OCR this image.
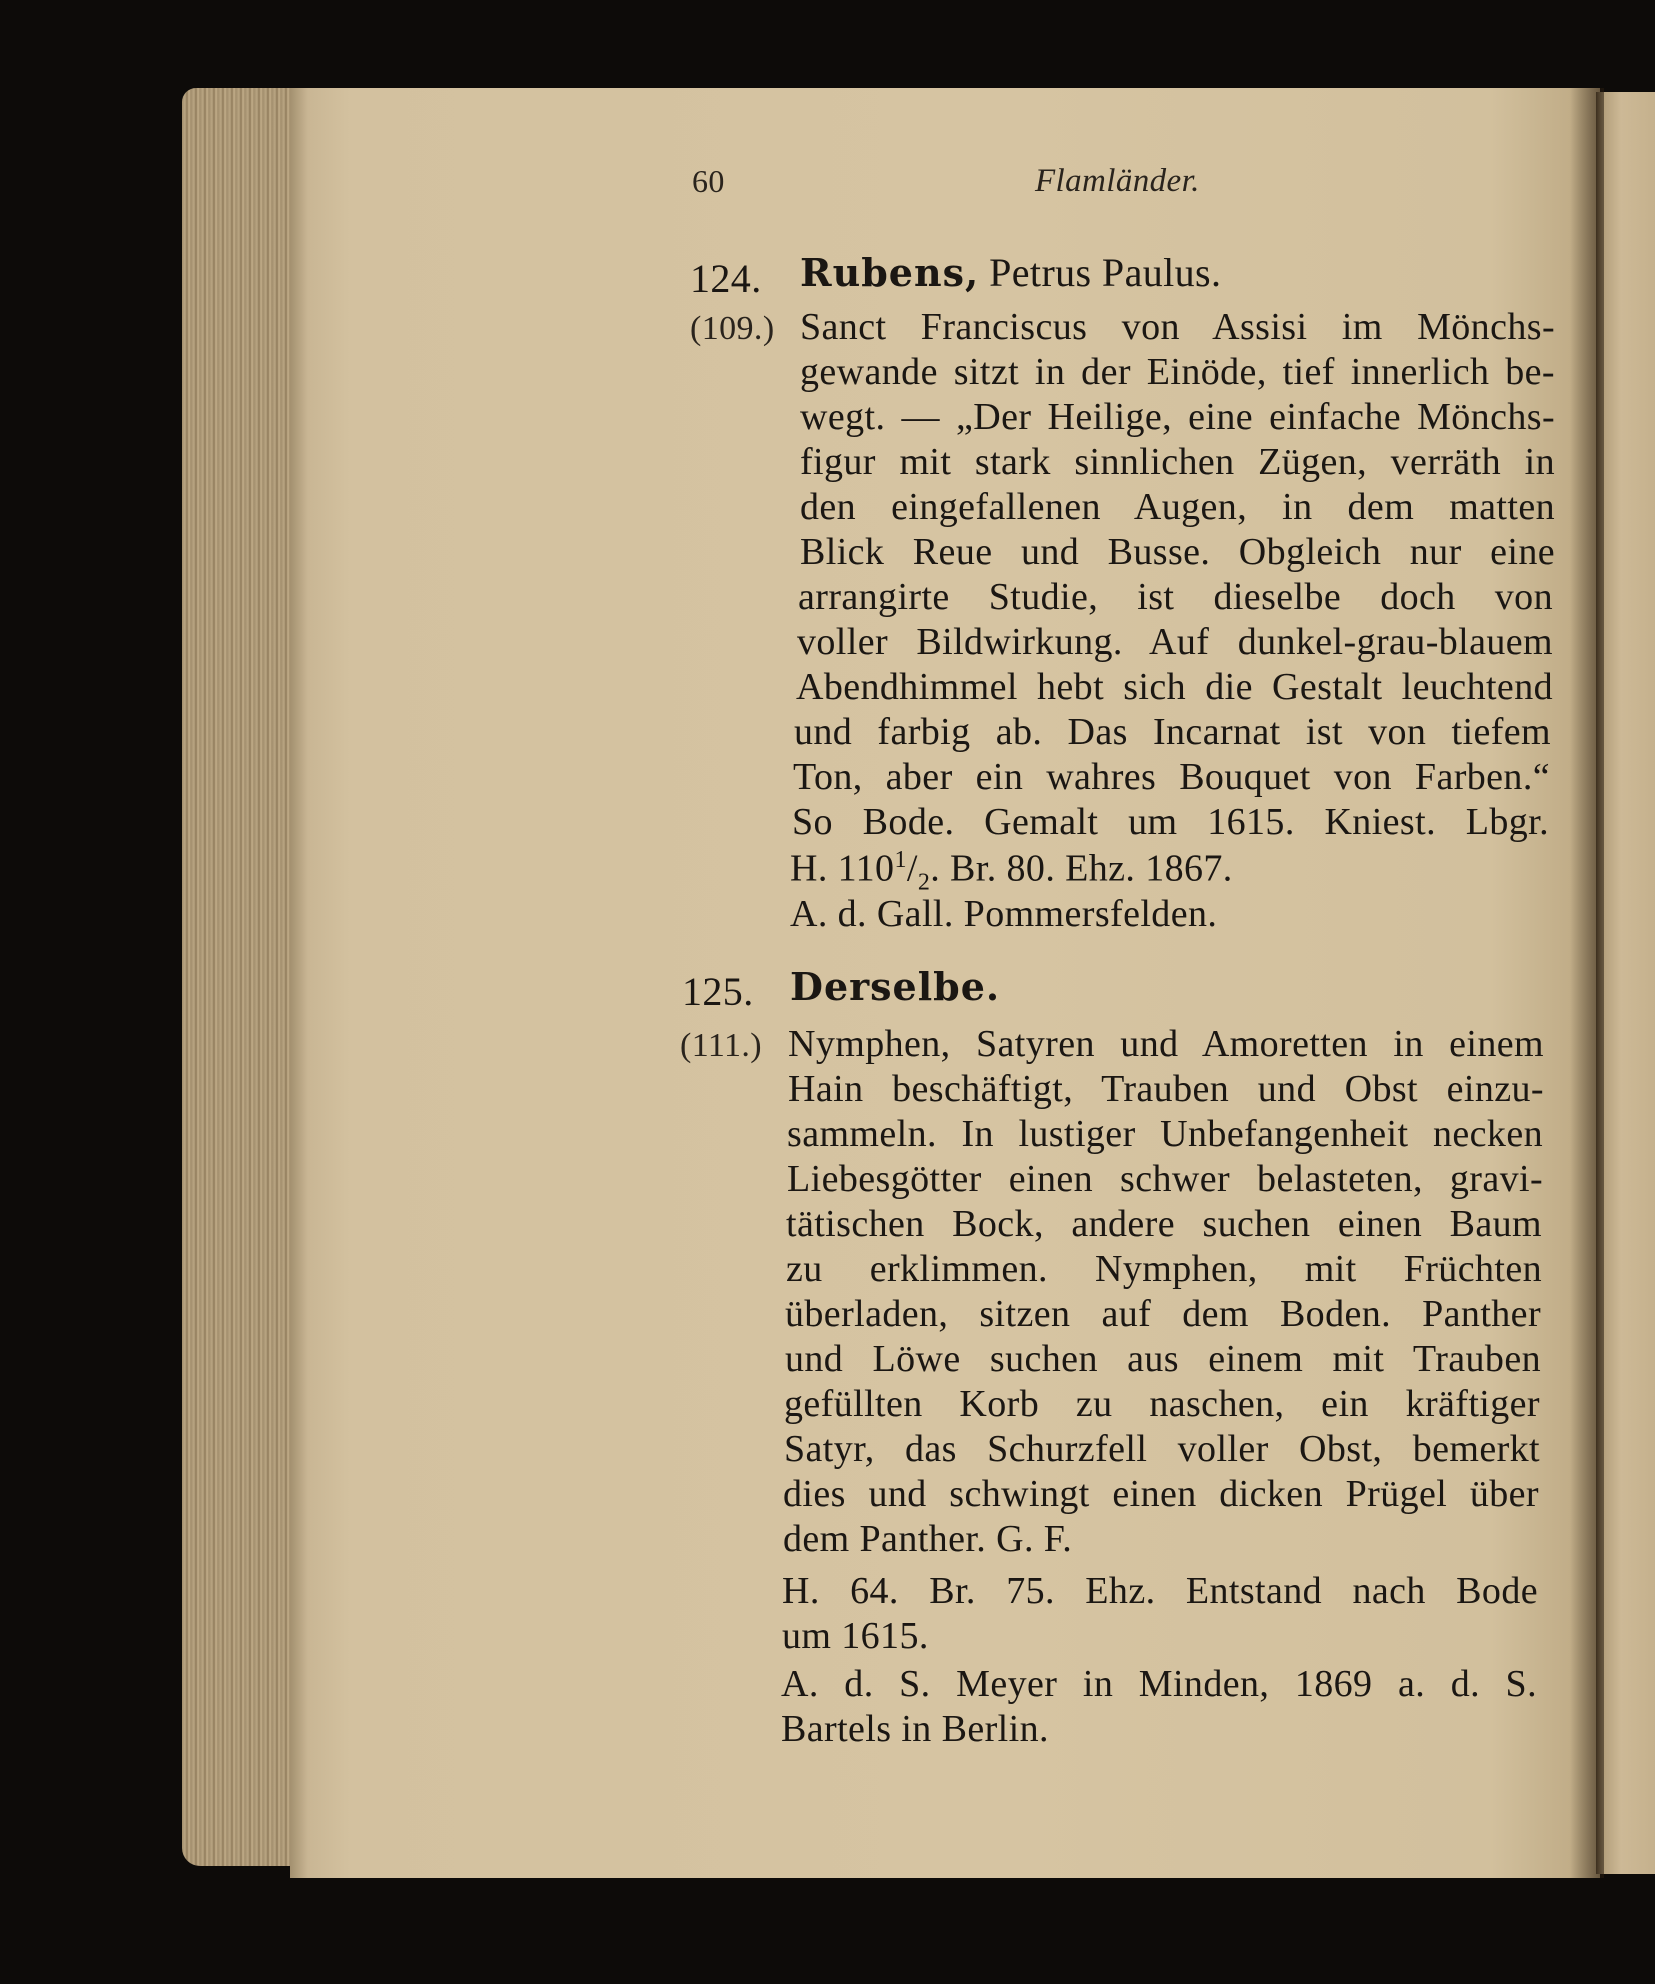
60	Flamländer.
124. Rubens, Petrus Paulus.
(109.) Sanct Franciscus von Assisi im Mönchs-
gewande sitzt in der Einöde, tief innerlich be-
wegt. — „Der Heilige, eine einfache Mönchs-
figur mit stark sinnlichen Zügen, verräth in
den eingefallenen Augen, in dem matten
Blick Reue und Busse. Obgleich nur eine
arrangirte Studie, ist dieselbe doch von
voller Bildwirkung. Auf dunkel-grau-blauem
Abendhimmel hebt sich die Gestalt leuchtend
und farbig ab. Das Incarnat ist von tiefem
Ton, aber ein wahres Bouquet von Farben.“
So Bode. Gemalt um 1615. Kniest. Lbgr.
H. $110^1/_2$. Br. 80. Ehz. 1867.
A. d. Gall. Pommersfelden.
125. Derselbe.
(111.) Nymphen, Satyren und Amoretten in einem
Hain beschäftigt, Trauben und Obst einzu-
sammeln. In lustiger Unbefangenheit necken
Liebesgötter einen schwer belasteten, gravi-
tätischen Bock, andere suchen einen Baum
zu erklimmen. Nymphen, mit Früchten
überladen, sitzen auf dem Boden. Panther
und Löwe suchen aus einem mit Trauben
gefüllten Korb zu naschen, ein kräftiger
Satyr, das Schurzfell voller Obst, bemerkt
dies und schwingt einen dicken Prügel über
dem Panther. G. F.
H. 64. Br. 75. Ehz. Entstand nach Bode
um 1615.
A. d. S. Meyer in Minden, 1869 a. d. S.
Bartels in Berlin.
